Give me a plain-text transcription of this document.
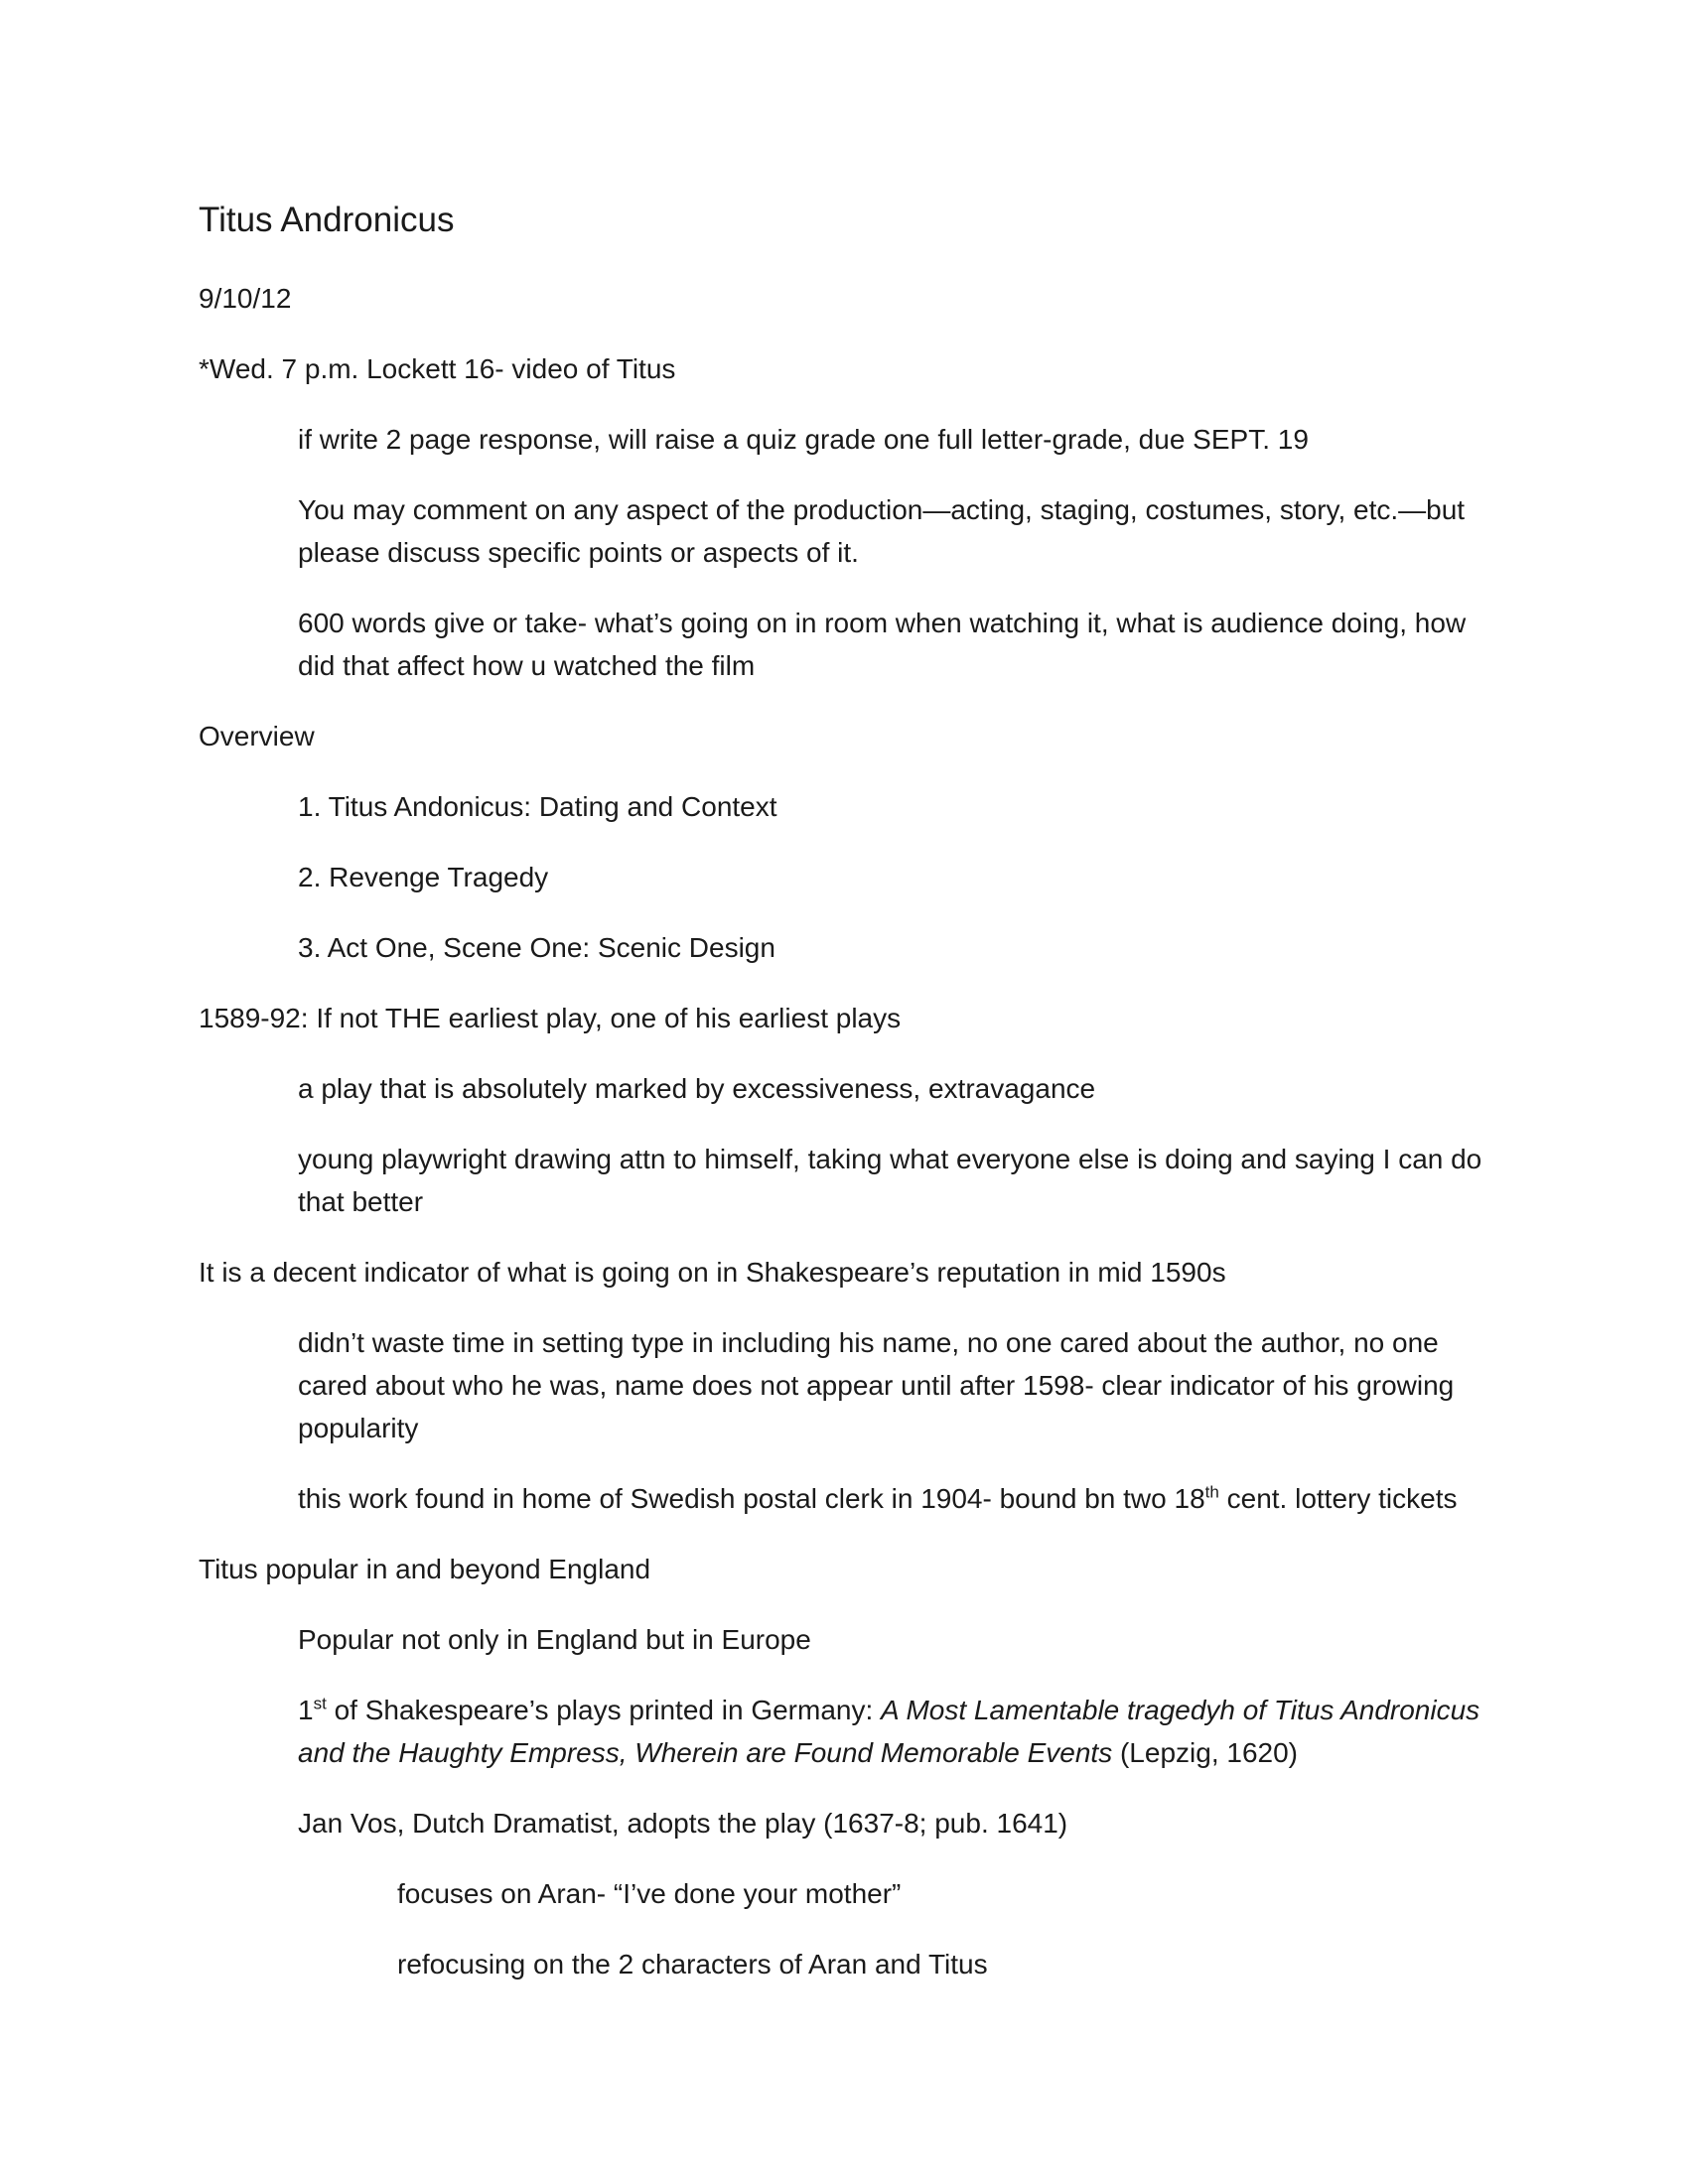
Titus Andronicus

9/10/12

*Wed. 7 p.m. Lockett 16- video of Titus

if write 2 page response, will raise a quiz grade one full letter-grade, due SEPT. 19

You may comment on any aspect of the production—acting, staging, costumes, story, etc.—but

please discuss specific points or aspects of it.

600 words give or take- what’s going on in room when watching it, what is audience doing, how

did that affect how u watched the film

Overview

1. Titus Andonicus: Dating and Context

2. Revenge Tragedy

3. Act One, Scene One: Scenic Design

1589-92: If not THE earliest play, one of his earliest plays

a play that is absolutely marked by excessiveness, extravagance

young playwright drawing attn to himself, taking what everyone else is doing and saying I can do

that better

It is a decent indicator of what is going on in Shakespeare’s reputation in mid 1590s

didn’t waste time in setting type in including his name, no one cared about the author, no one

cared about who he was, name does not appear until after 1598- clear indicator of his growing

popularity

this work found in home of Swedish postal clerk in 1904- bound bn two 18th cent. lottery tickets

Titus popular in and beyond England

Popular not only in England but in Europe

1st of Shakespeare’s plays printed in Germany: A Most Lamentable tragedyh of Titus Andronicus

and the Haughty Empress, Wherein are Found Memorable Events (Lepzig, 1620)

Jan Vos, Dutch Dramatist, adopts the play (1637-8; pub. 1641)

focuses on Aran- “I’ve done your mother”

refocusing on the 2 characters of Aran and Titus
